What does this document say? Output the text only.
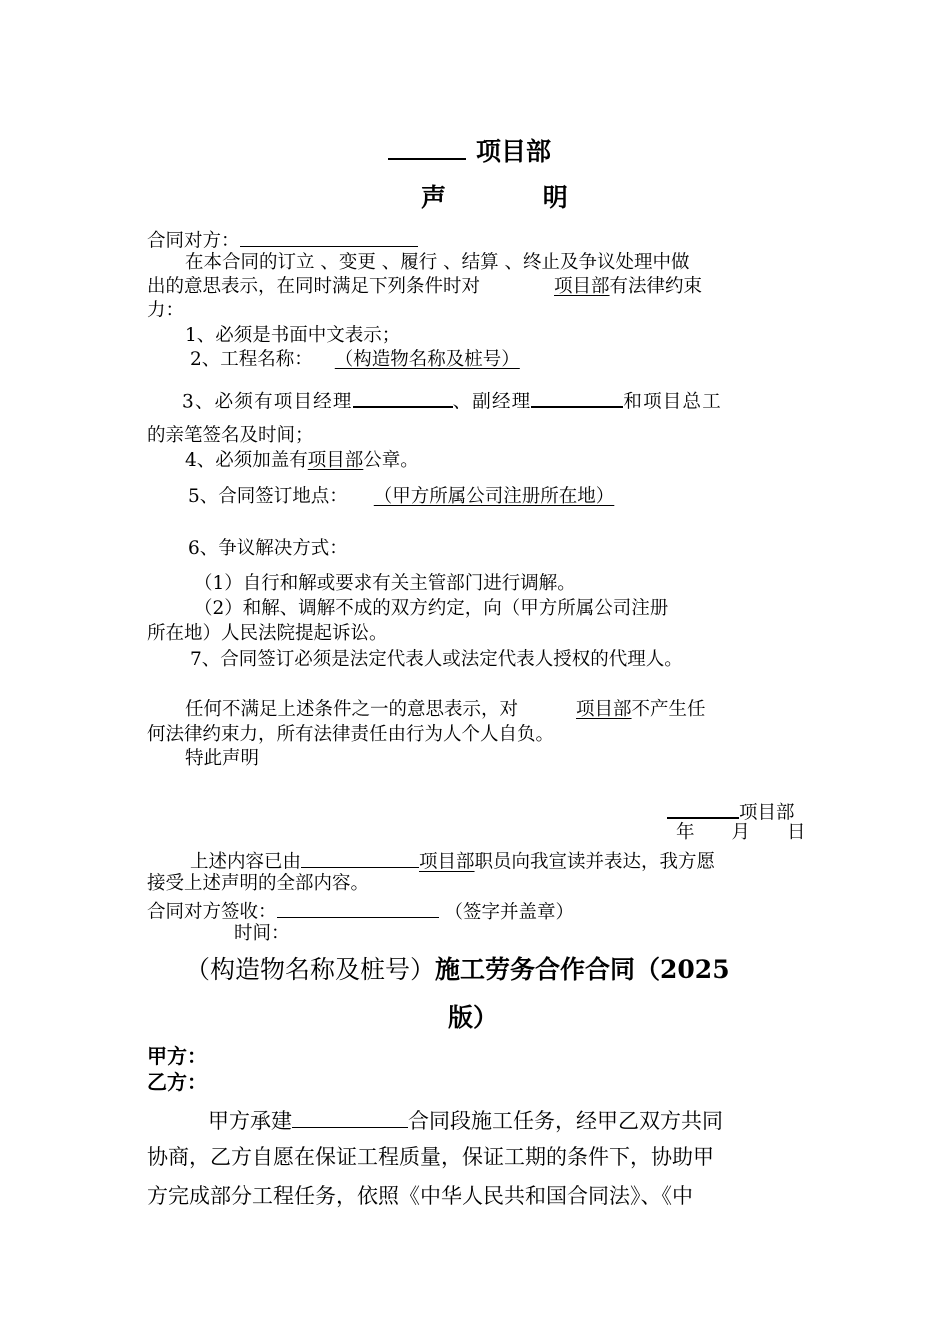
项目部
声 明
合同对方：
在本合同的订立 、变更 、履行 、结算 、终止及争议处理中做
出的意思表示，在同时满足下列条件时对	项目部有法律约束
力：
1、必须是书面中文表示；
2、工程名称： （构造物名称及桩号）
3、必须有项目经理	、副经理	和项目总工
的亲笔签名及时间；
4、必须加盖有项目部公章。
5、合同签订地点： （甲方所属公司注册所在地）
6、争议解决方式：
（1）自行和解或要求有关主管部门进行调解。
（2）和解、调解不成的双方约定，向（甲方所属公司注册
所在地）人民法院提起诉讼。
7、合同签订必须是法定代表人或法定代表人授权的代理人。
任何不满足上述条件之一的意思表示，对	项目部不产生任
何法律约束力，所有法律责任由行为人个人自负。
特此声明
项目部
年　　月　　日
上述内容已由	项目部职员向我宣读并表达，我方愿
接受上述声明的全部内容。
合同对方签收：	（签字并盖章）
时间：
（构造物名称及桩号）施工劳务合作合同（2025
版）
甲方：
乙方：
甲方承建	合同段施工任务，经甲乙双方共同
协商，乙方自愿在保证工程质量，保证工期的条件下，协助甲
方完成部分工程任务，依照《中华人民共和国合同法》、《中
